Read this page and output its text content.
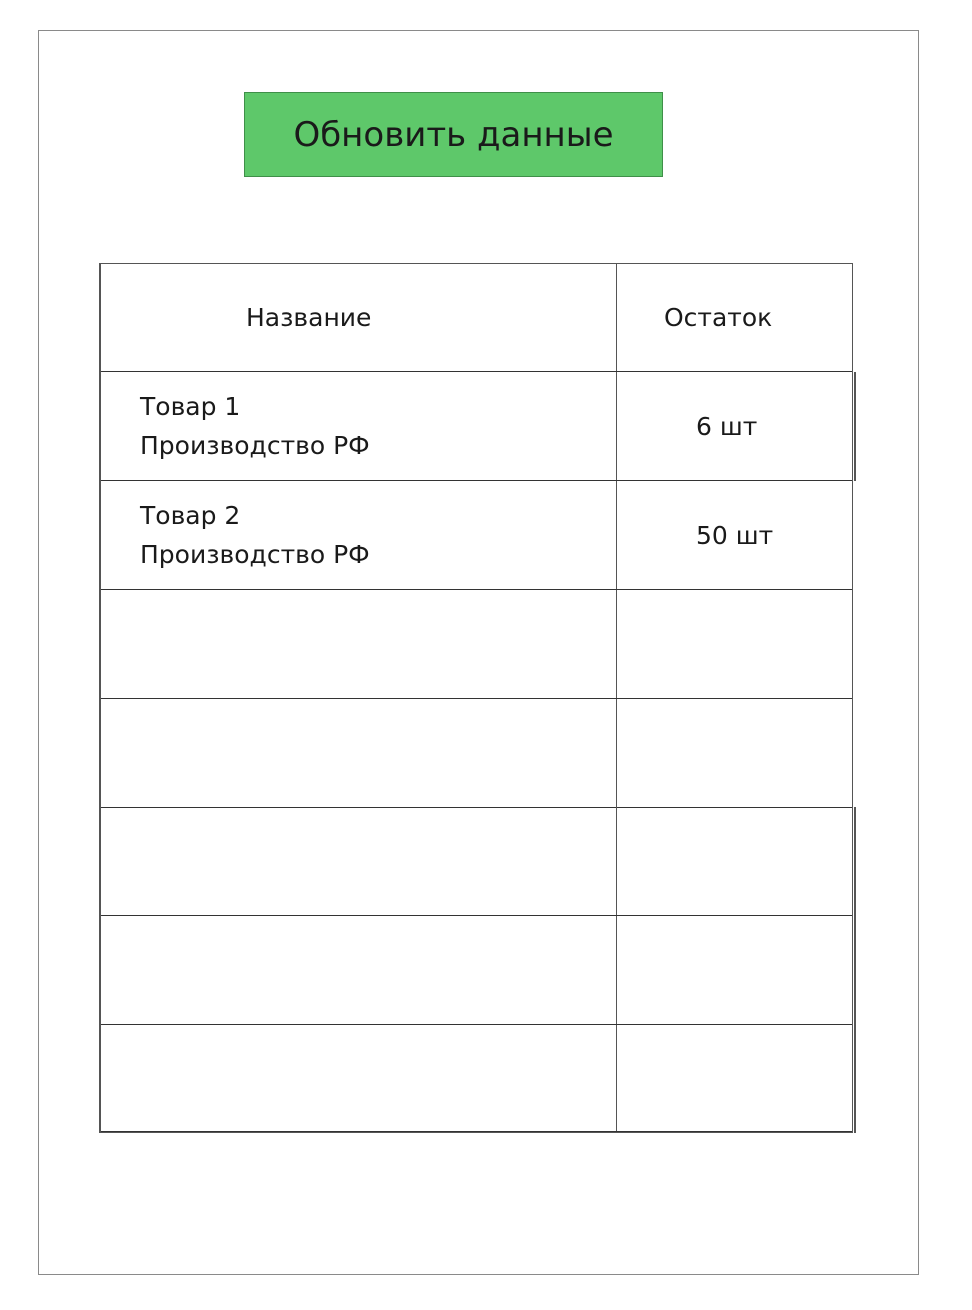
Обновить данные
Название	Остаток
Товар 1
Производство РФ
6 шт
Товар 2
Производство РФ
50 шт
